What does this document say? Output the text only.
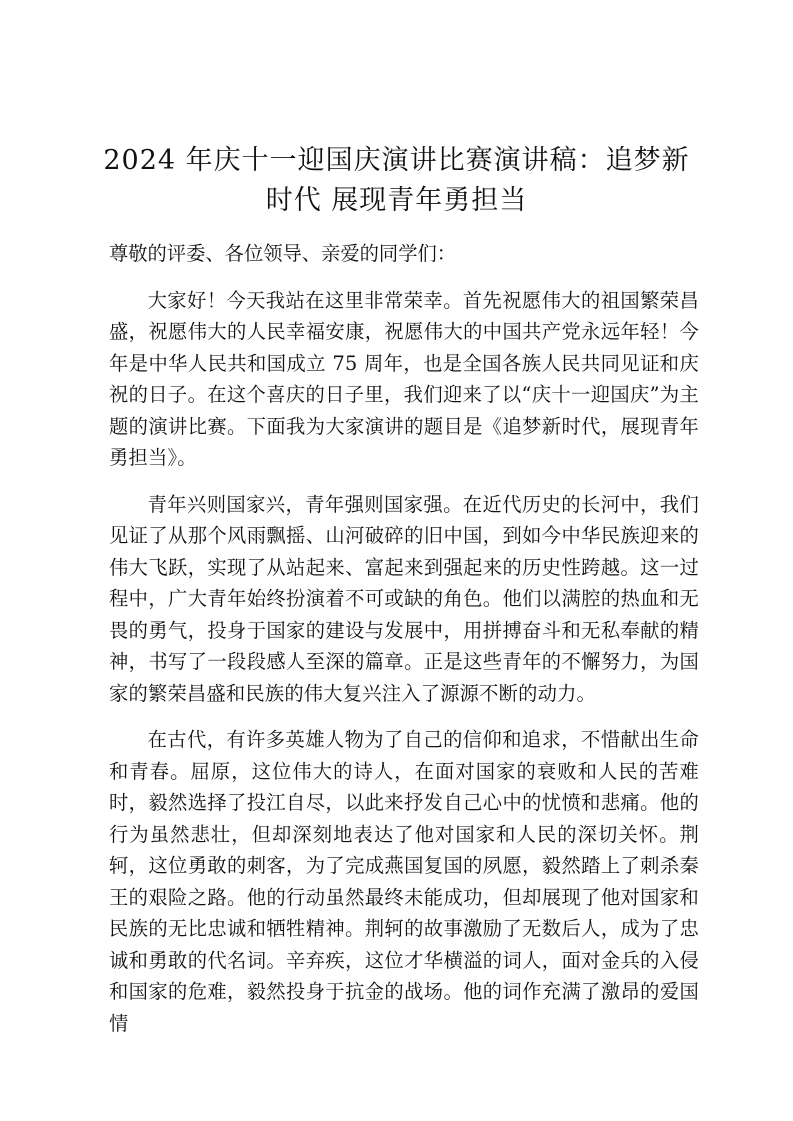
2024 年庆十一迎国庆演讲比赛演讲稿：追梦新时代 展现青年勇担当

尊敬的评委、各位领导、亲爱的同学们：

大家好！今天我站在这里非常荣幸。首先祝愿伟大的祖国繁荣昌盛，祝愿伟大的人民幸福安康，祝愿伟大的中国共产党永远年轻！今年是中华人民共和国成立 75 周年，也是全国各族人民共同见证和庆祝的日子。在这个喜庆的日子里，我们迎来了以“庆十一迎国庆”为主题的演讲比赛。下面我为大家演讲的题目是《追梦新时代，展现青年勇担当》。

青年兴则国家兴，青年强则国家强。在近代历史的长河中，我们见证了从那个风雨飘摇、山河破碎的旧中国，到如今中华民族迎来的伟大飞跃，实现了从站起来、富起来到强起来的历史性跨越。这一过程中，广大青年始终扮演着不可或缺的角色。他们以满腔的热血和无畏的勇气，投身于国家的建设与发展中，用拼搏奋斗和无私奉献的精神，书写了一段段感人至深的篇章。正是这些青年的不懈努力，为国家的繁荣昌盛和民族的伟大复兴注入了源源不断的动力。

在古代，有许多英雄人物为了自己的信仰和追求，不惜献出生命和青春。屈原，这位伟大的诗人，在面对国家的衰败和人民的苦难时，毅然选择了投江自尽，以此来抒发自己心中的忧愤和悲痛。他的行为虽然悲壮，但却深刻地表达了他对国家和人民的深切关怀。荆轲，这位勇敢的刺客，为了完成燕国复国的夙愿，毅然踏上了刺杀秦王的艰险之路。他的行动虽然最终未能成功，但却展现了他对国家和民族的无比忠诚和牺牲精神。荆轲的故事激励了无数后人，成为了忠诚和勇敢的代名词。辛弃疾，这位才华横溢的词人，面对金兵的入侵和国家的危难，毅然投身于抗金的战场。他的词作充满了激昂的爱国情
